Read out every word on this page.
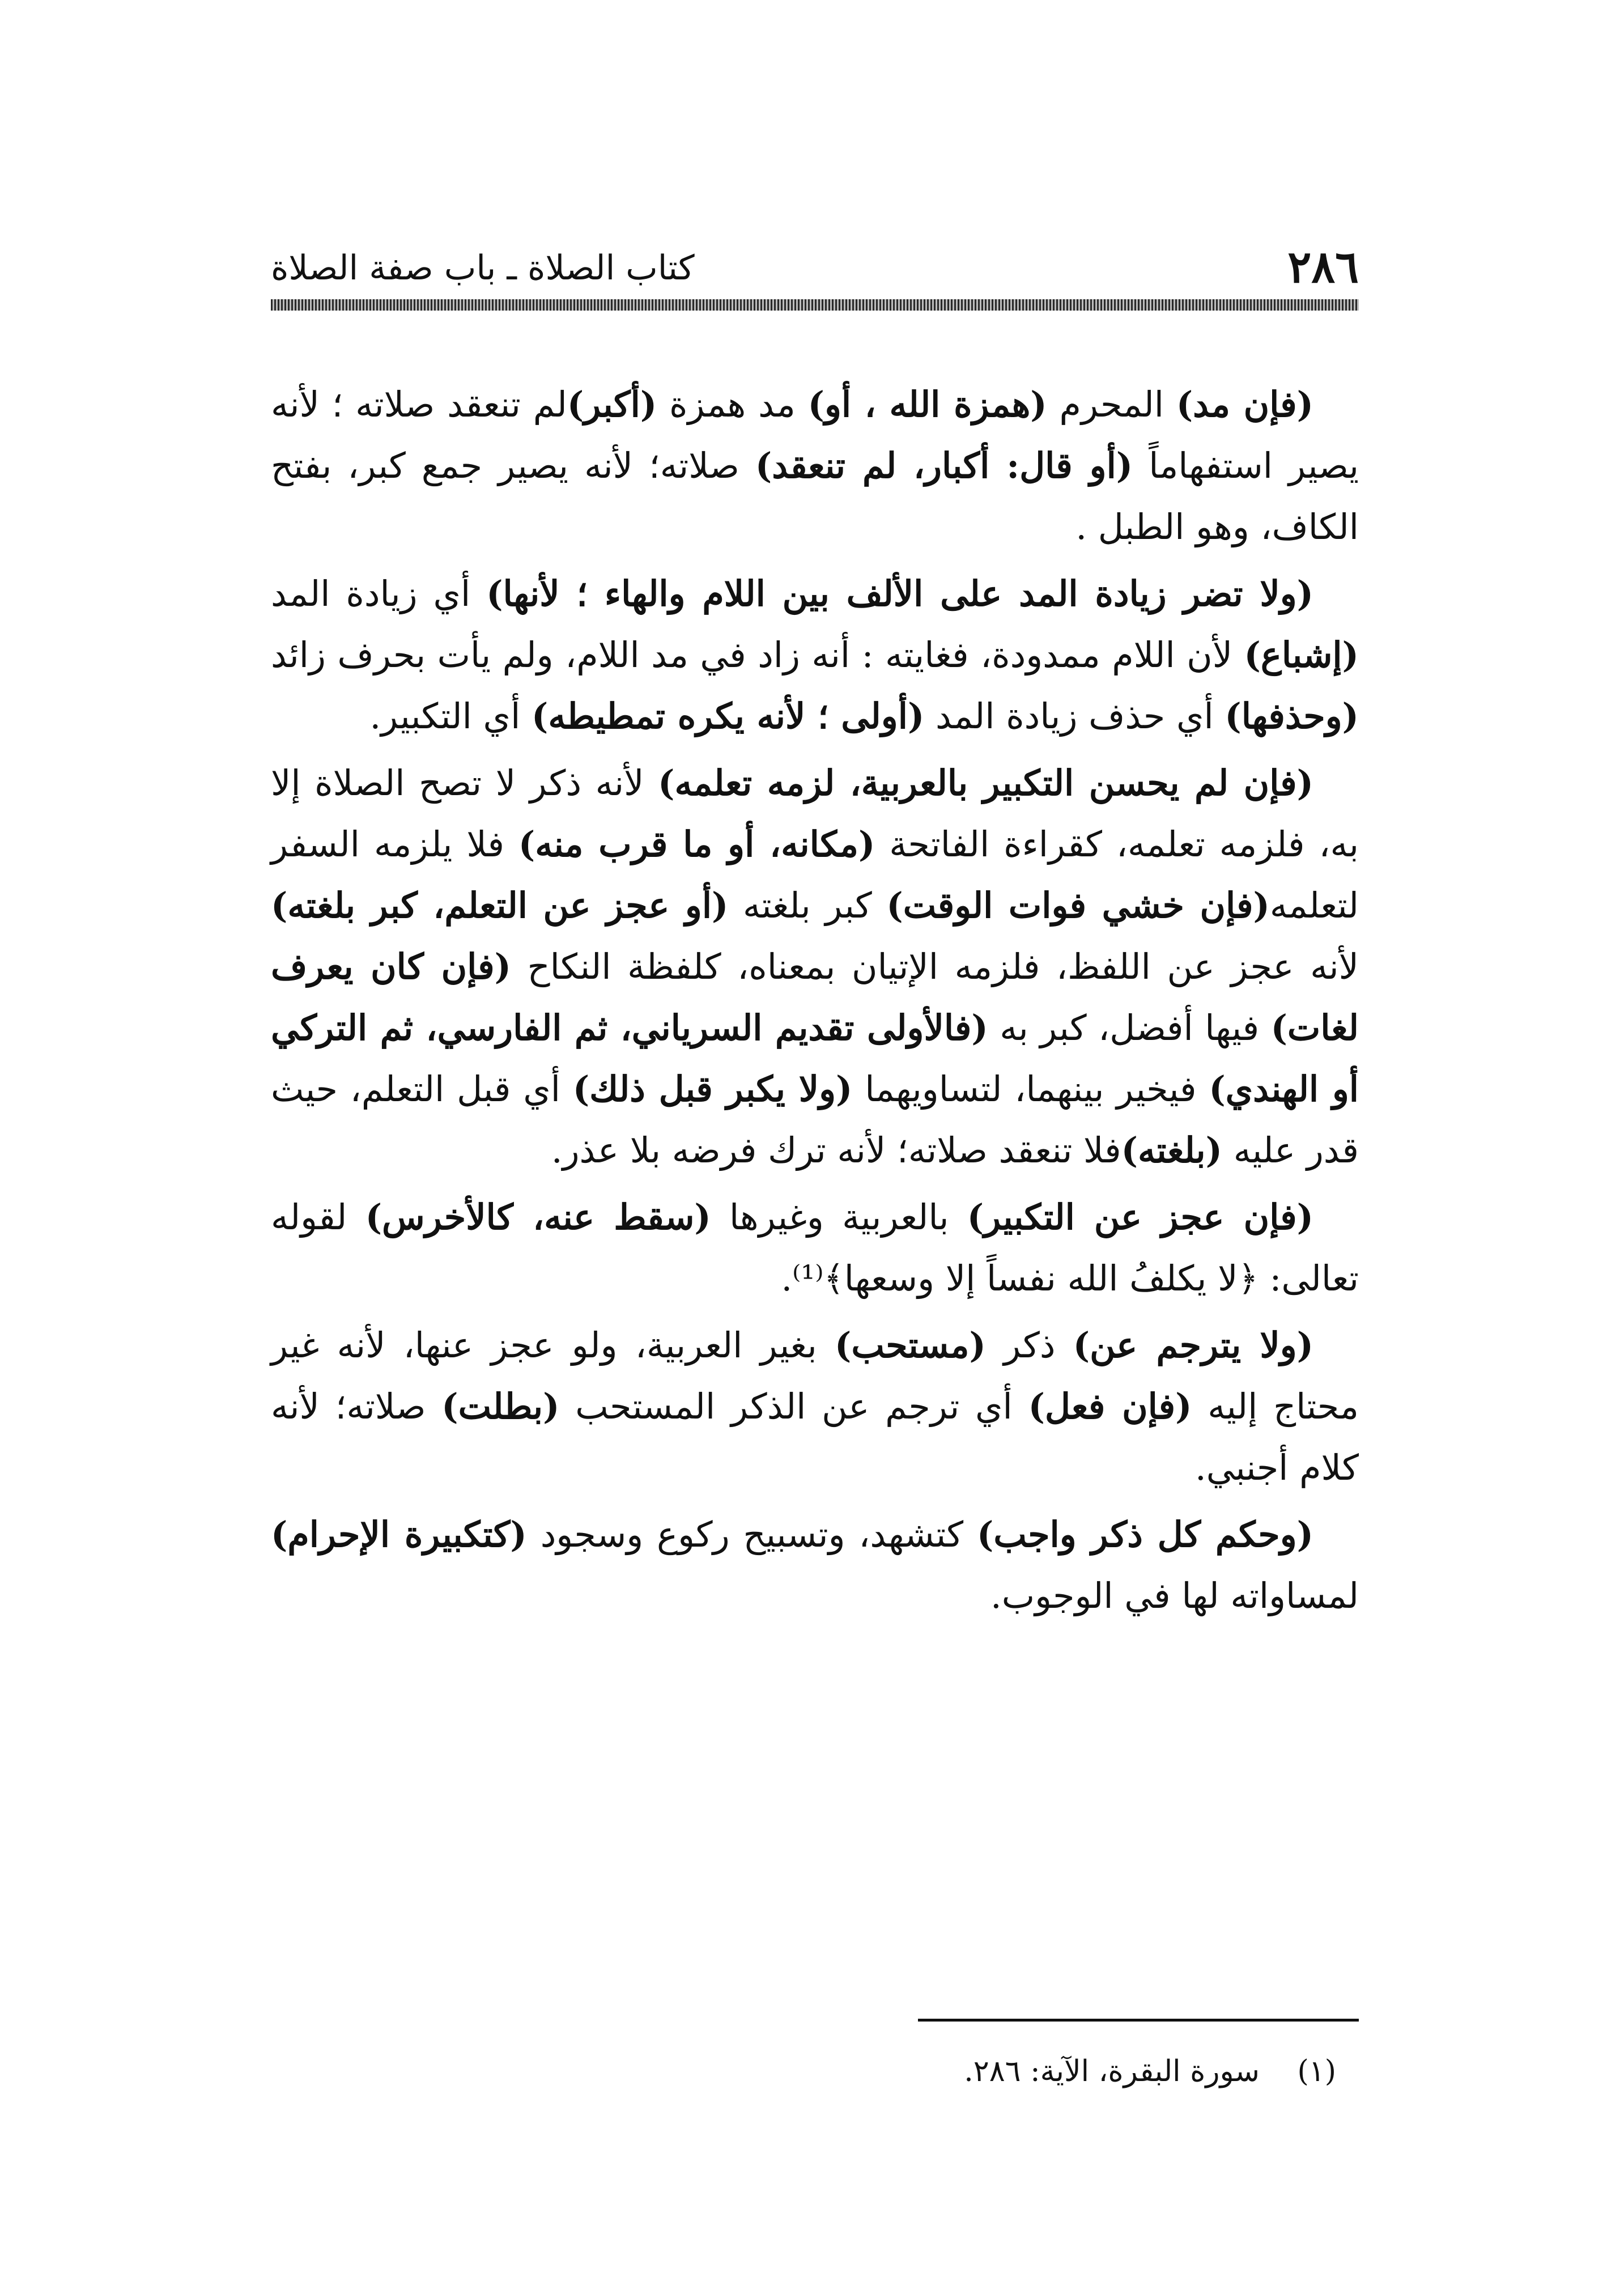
٢٨٦
كتاب الصلاة ـ باب صفة الصلاة

(فإن مد) المحرم (همزة الله ، أو) مد همزة (أكبر)لم تنعقد صلاته ؛ لأنه يصير استفهاماً (أو قال: أكبار، لم تنعقد) صلاته؛ لأنه يصير جمع كبر، بفتح الكاف، وهو الطبل .

(ولا تضر زيادة المد على الألف بين اللام والهاء ؛ لأنها) أي زيادة المد (إشباع) لأن اللام ممدودة، فغايته : أنه زاد في مد اللام، ولم يأت بحرف زائد (وحذفها) أي حذف زيادة المد (أولى ؛ لأنه يكره تمطيطه) أي التكبير.

(فإن لم يحسن التكبير بالعربية، لزمه تعلمه) لأنه ذكر لا تصح الصلاة إلا به، فلزمه تعلمه، كقراءة الفاتحة (مكانه، أو ما قرب منه) فلا يلزمه السفر لتعلمه(فإن خشي فوات الوقت) كبر بلغته (أو عجز عن التعلم، كبر بلغته) لأنه عجز عن اللفظ، فلزمه الإتيان بمعناه، كلفظة النكاح (فإن كان يعرف لغات) فيها أفضل، كبر به (فالأولى تقديم السرياني، ثم الفارسي، ثم التركي أو الهندي) فيخير بينهما، لتساويهما (ولا يكبر قبل ذلك) أي قبل التعلم، حيث قدر عليه (بلغته)فلا تنعقد صلاته؛ لأنه ترك فرضه بلا عذر.

(فإن عجز عن التكبير) بالعربية وغيرها (سقط عنه، كالأخرس) لقوله تعالى: ﴿لا يكلفُ الله نفساً إلا وسعها﴾⁽¹⁾.

(ولا يترجم عن) ذكر (مستحب) بغير العربية، ولو عجز عنها، لأنه غير محتاج إليه (فإن فعل) أي ترجم عن الذكر المستحب (بطلت) صلاته؛ لأنه كلام أجنبي.

(وحكم كل ذكر واجب) كتشهد، وتسبيح ركوع وسجود (كتكبيرة الإحرام) لمساواته لها في الوجوب.

(١) سورة البقرة، الآية: ٢٨٦.
